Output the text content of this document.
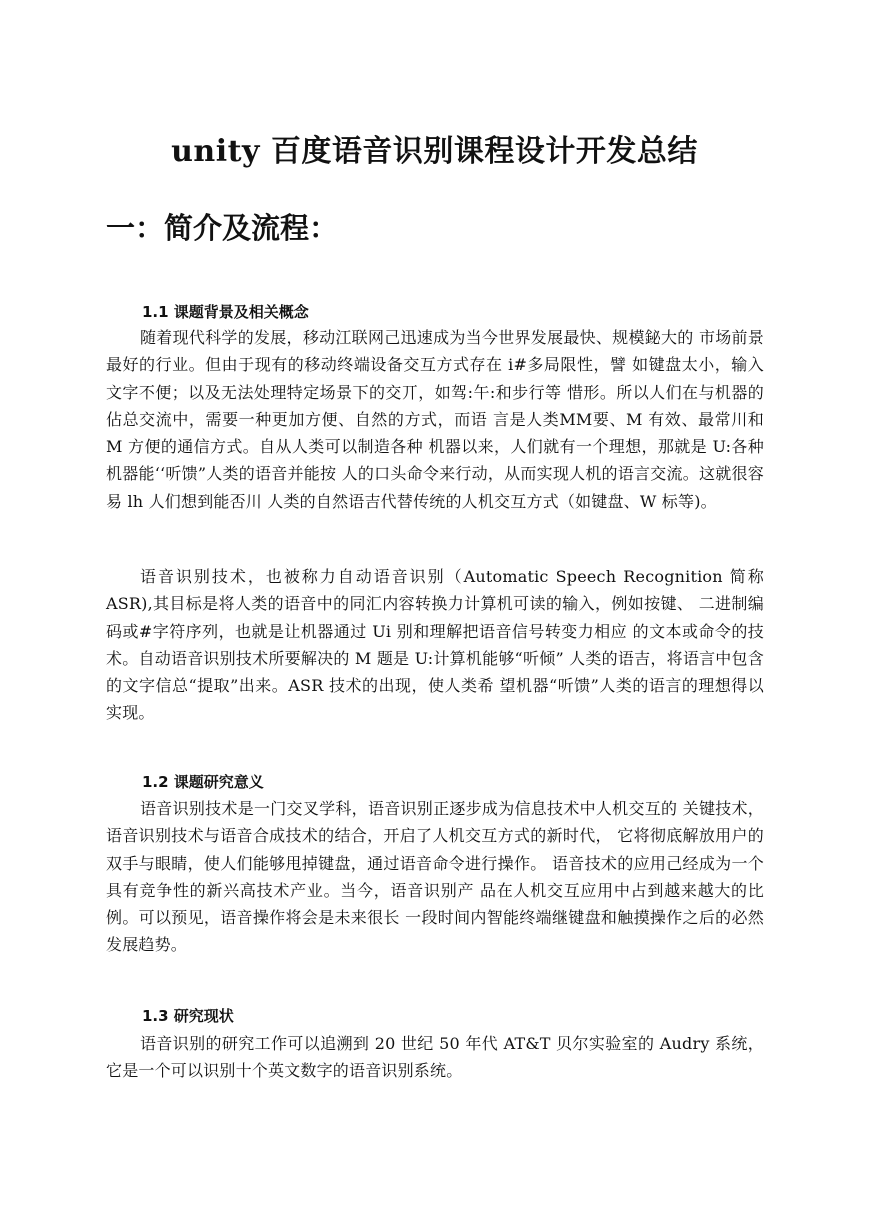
unity 百度语音识别课程设计开发总结
一：简介及流程：
1.1 课题背景及相关概念
随着现代科学的发展，移动江联网己迅速成为当今世界发展最快、规模鉍大的 市场前景最好的行业。但由于现有的移动终端设备交互方式存在 i#多局限性，譬 如键盘太小，输入文字不便；以及无法处理特定场景下的交丌，如驾:午:和步行等 惜形。所以人们在与机器的佔总交流中，需要一种更加方便、自然的方式，而语 言是人类MM要、M 有效、最常川和 M 方便的通信方式。自从人类可以制造各种 机器以来，人们就有一个理想，那就是 U:各种机器能‘‘听馈”人类的语音并能按 人的口头命令来行动，从而实现人机的语言交流。这就很容易 lh 人们想到能否川 人类的自然语吉代替传统的人机交互方式（如键盘、W 标等)。
语音识别技术，也被称力自动语音识别（Automatic Speech Recognition 简称 ASR),其目标是将人类的语音中的同汇内容转换力计算机可读的输入，例如按键、 二进制编码或#字符序列，也就是让机器通过 Ui 别和理解把语音信号转变力相应 的文本或命令的技术。自动语音识别技术所要解决的 M 题是 U:计算机能够“听倾” 人类的语吉，将语言中包含的文字信总“提取”出来。ASR 技术的出现，使人类希 望机器“听馈”人类的语言的理想得以实现。
1.2 课题研究意义
语音识别技术是一门交叉学科，语音识别正逐步成为信息技术中人机交互的 关键技术，语音识别技术与语音合成技术的结合，开启了人机交互方式的新时代， 它将彻底解放用户的双手与眼睛，使人们能够甩掉键盘，通过语音命令进行操作。 语音技术的应用己经成为一个具有竞争性的新兴高技术产业。当今，语音识别产 品在人机交互应用中占到越来越大的比例。可以预见，语音操作将会是未来很长 一段时间内智能终端继键盘和触摸操作之后的必然发展趋势。
1.3 研究现状
语音识别的研究工作可以追溯到 20 世纪 50 年代 AT&T 贝尔实验室的 Audry 系统，它是一个可以识别十个英文数字的语音识别系统。
